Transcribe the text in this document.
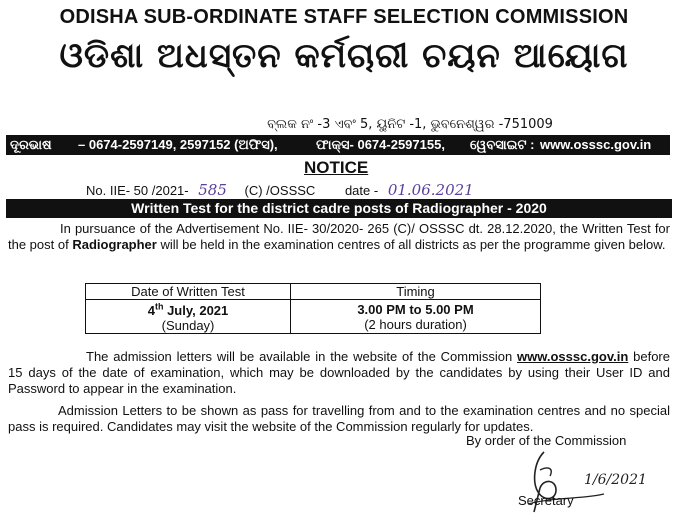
ODISHA SUB-ORDINATE STAFF SELECTION COMMISSION
ଓଡିଶା ଅଧସ୍ତନ କର୍ମଚାରୀ ଚୟନ ଆୟୋଗ
ବ୍ଲକ ନଂ -3 ଏବଂ 5, ୟୁନିଟ -1, ଭୁବନେଶ୍ୱର -751009
ଦୂରଭାଷ – 0674-2597149, 2597152 (ଅଫିସ),	ଫାକ୍ସ- 0674-2597155, ୱେବସାଇଟ : www.osssc.gov.in
NOTICE
No. IIE- 50 /2021- 585 (C) /OSSSC date - 01.06.2021
Written Test for the district cadre posts of Radiographer - 2020
In pursuance of the Advertisement No. IIE- 30/2020- 265 (C)/ OSSSC dt. 28.12.2020, the Written Test for the post of Radiographer will be held in the examination centres of all districts as per the programme given below.
Date of Written Test	Timing
4th July, 2021
(Sunday)	3.00 PM to 5.00 PM
(2 hours duration)
The admission letters will be available in the website of the Commission www.osssc.gov.in before 15 days of the date of examination, which may be downloaded by the candidates by using their User ID and Password to appear in the examination.
Admission Letters to be shown as pass for travelling from and to the examination centres and no special pass is required. Candidates may visit the website of the Commission regularly for updates.
By order of the Commission
1/6/2021
Secretary
